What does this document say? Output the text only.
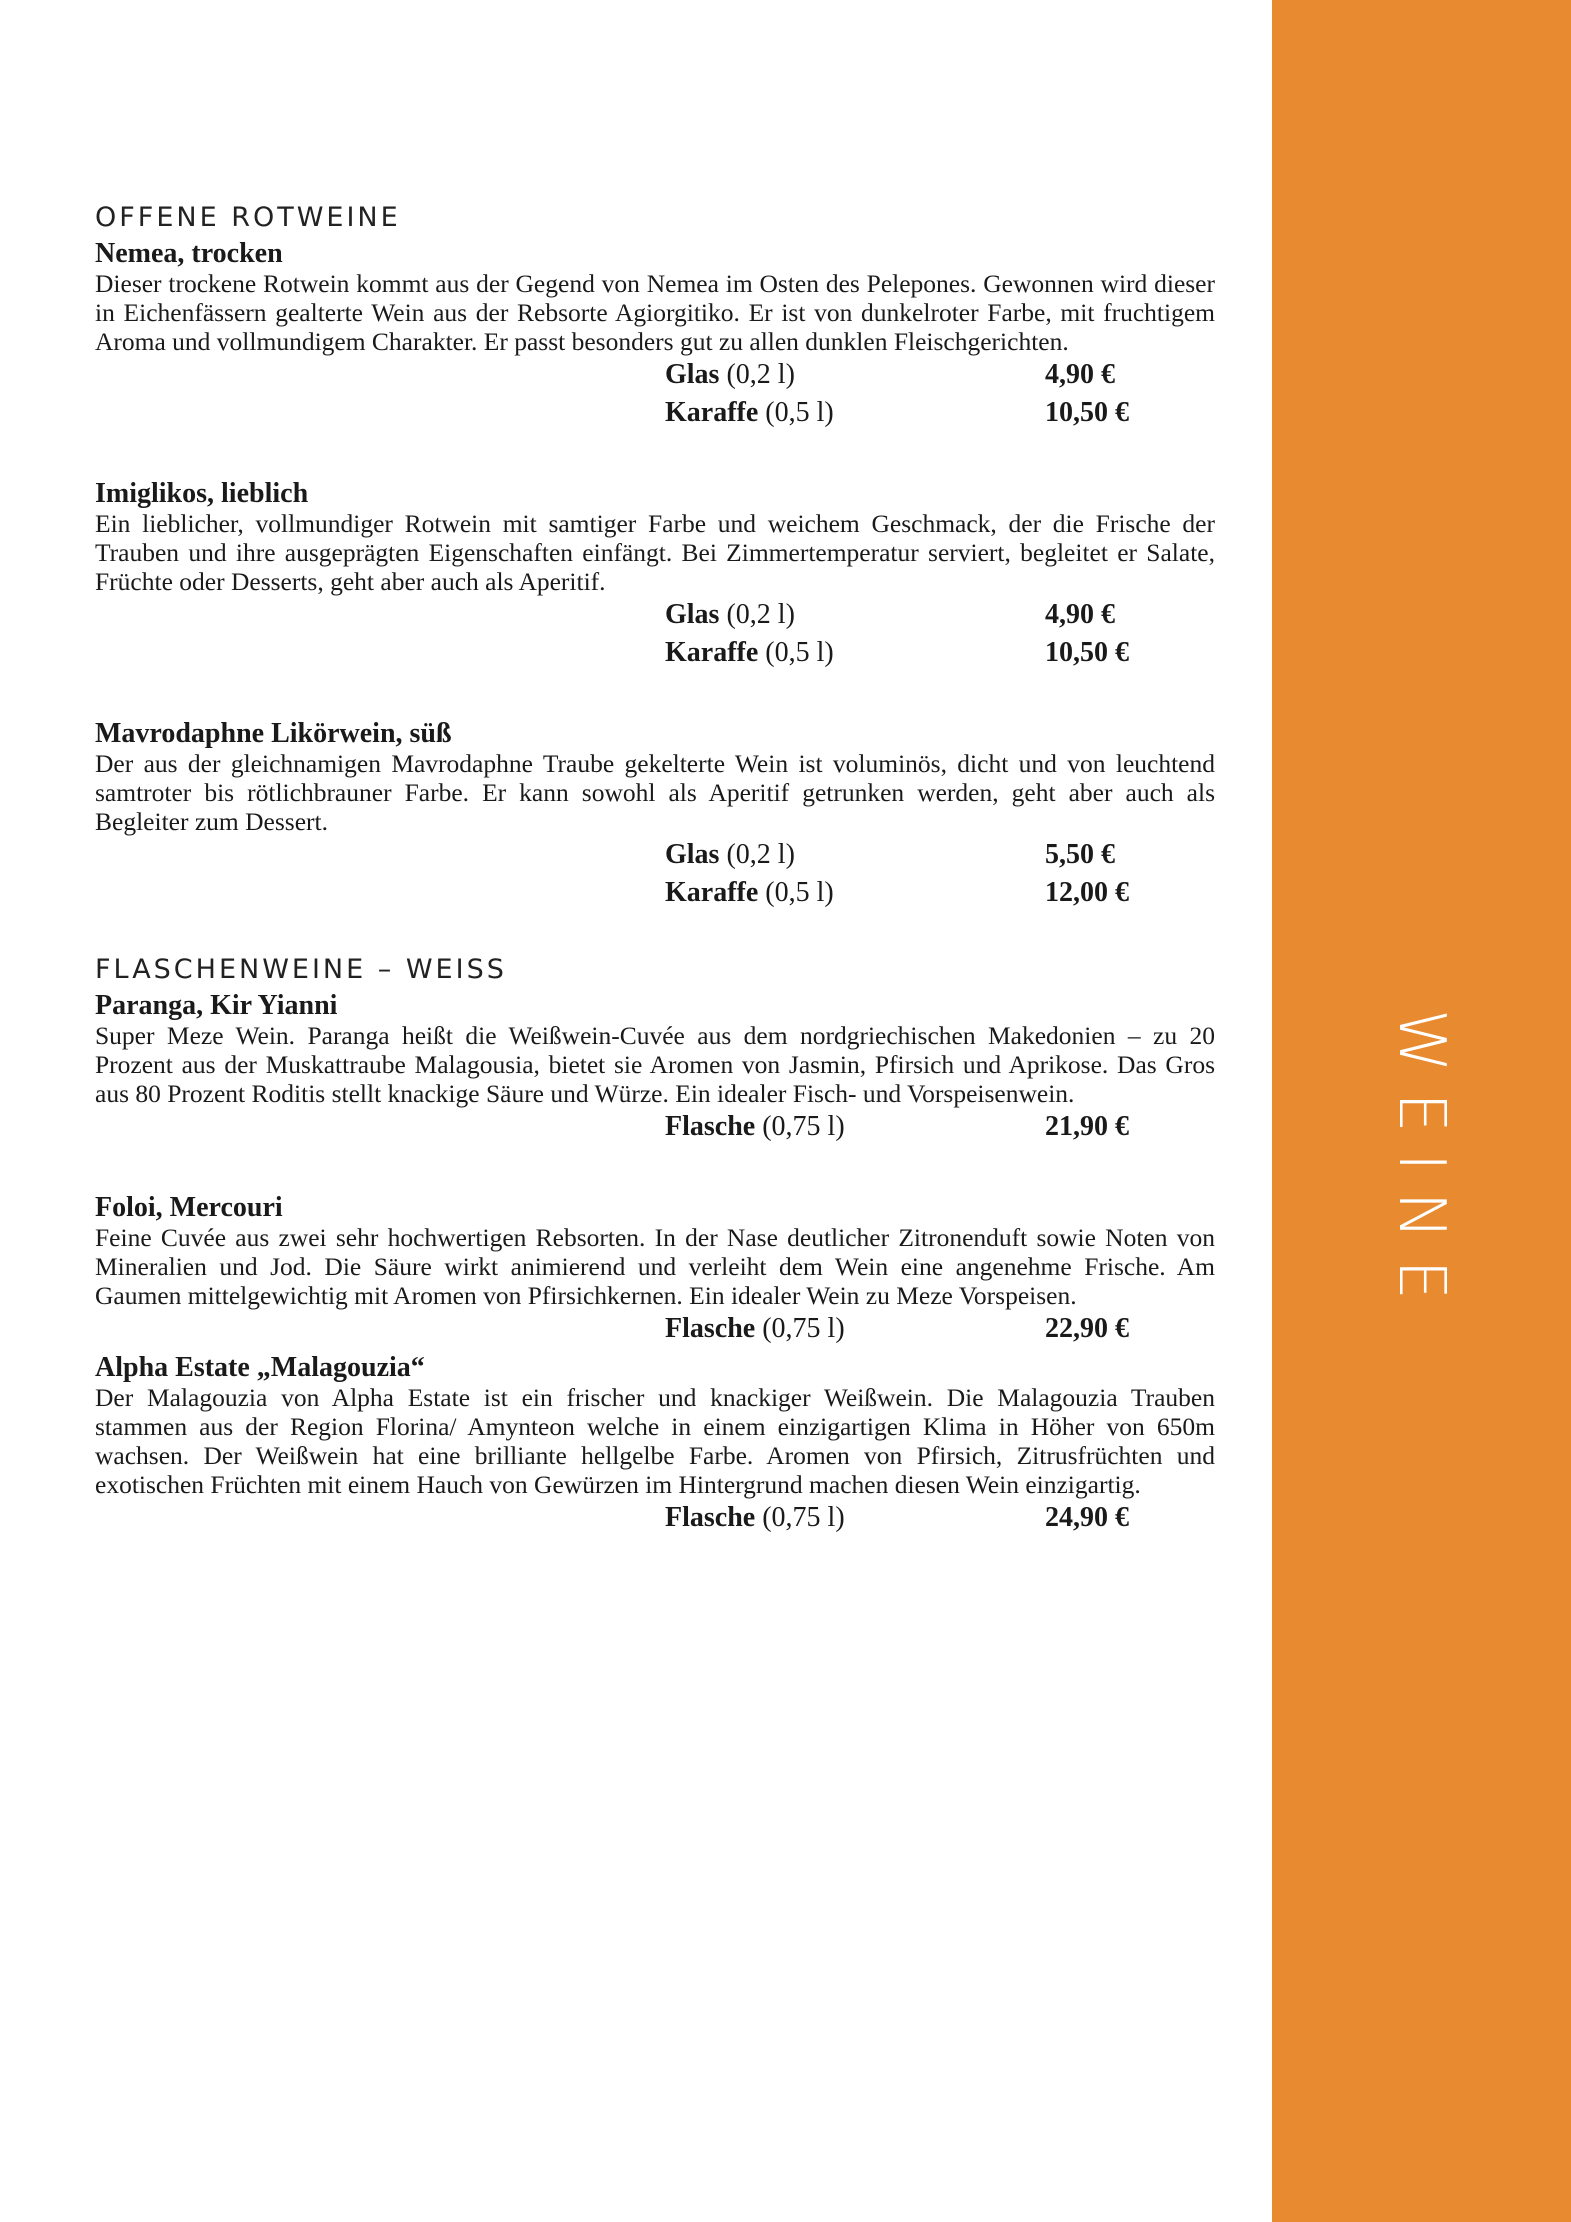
WEINE
OFFENE ROTWEINE

Nemea, trocken

Dieser trockene Rotwein kommt aus der Gegend von Nemea im Osten des Pelepones. Gewonnen wird dieser in Eichenfässern gealterte Wein aus der Rebsorte Agiorgitiko. Er ist von dunkelroter Farbe, mit fruchtigem Aroma und vollmundigem Charakter. Er passt besonders gut zu allen dunklen Fleischgerichten.

Glas (0,2 l)	4,90 €
Karaffe (0,5 l)	10,50 €

Imiglikos, lieblich

Ein lieblicher, vollmundiger Rotwein mit samtiger Farbe und weichem Geschmack, der die Frische der Trauben und ihre ausgeprägten Eigenschaften einfängt. Bei Zimmertemperatur serviert, begleitet er Salate, Früchte oder Desserts, geht aber auch als Aperitif.

Glas (0,2 l)	4,90 €
Karaffe (0,5 l)	10,50 €

Mavrodaphne Likörwein, süß

Der aus der gleichnamigen Mavrodaphne Traube gekelterte Wein ist voluminös, dicht und von leuchtend samtroter bis rötlichbrauner Farbe. Er kann sowohl als Aperitif getrunken werden, geht aber auch als Begleiter zum Dessert.

Glas (0,2 l)	5,50 €
Karaffe (0,5 l)	12,00 €
FLASCHENWEINE – WEISS

Paranga, Kir Yianni

Super Meze Wein. Paranga heißt die Weißwein-Cuvée aus dem nordgriechischen Makedonien – zu 20 Prozent aus der Muskattraube Malagousia, bietet sie Aromen von Jasmin, Pfirsich und Aprikose. Das Gros aus 80 Prozent Roditis stellt knackige Säure und Würze. Ein idealer Fisch- und Vorspeisenwein.

Flasche (0,75 l)	21,90 €

Foloi, Mercouri

Feine Cuvée aus zwei sehr hochwertigen Rebsorten. In der Nase deutlicher Zitronenduft sowie Noten von Mineralien und Jod. Die Säure wirkt animierend und verleiht dem Wein eine angenehme Frische. Am Gaumen mittelgewichtig mit Aromen von Pfirsichkernen. Ein idealer Wein zu Meze Vorspeisen.

Flasche (0,75 l)	22,90 €

Alpha Estate „Malagouzia“

Der Malagouzia von Alpha Estate ist ein frischer und knackiger Weißwein. Die Malagouzia Trauben stammen aus der Region Florina/ Amynteon welche in einem einzigartigen Klima in Höher von 650m wachsen. Der Weißwein hat eine brilliante hellgelbe Farbe. Aromen von Pfirsich, Zitrusfrüchten und exotischen Früchten mit einem Hauch von Gewürzen im Hintergrund machen diesen Wein einzigartig.

Flasche (0,75 l)	24,90 €
